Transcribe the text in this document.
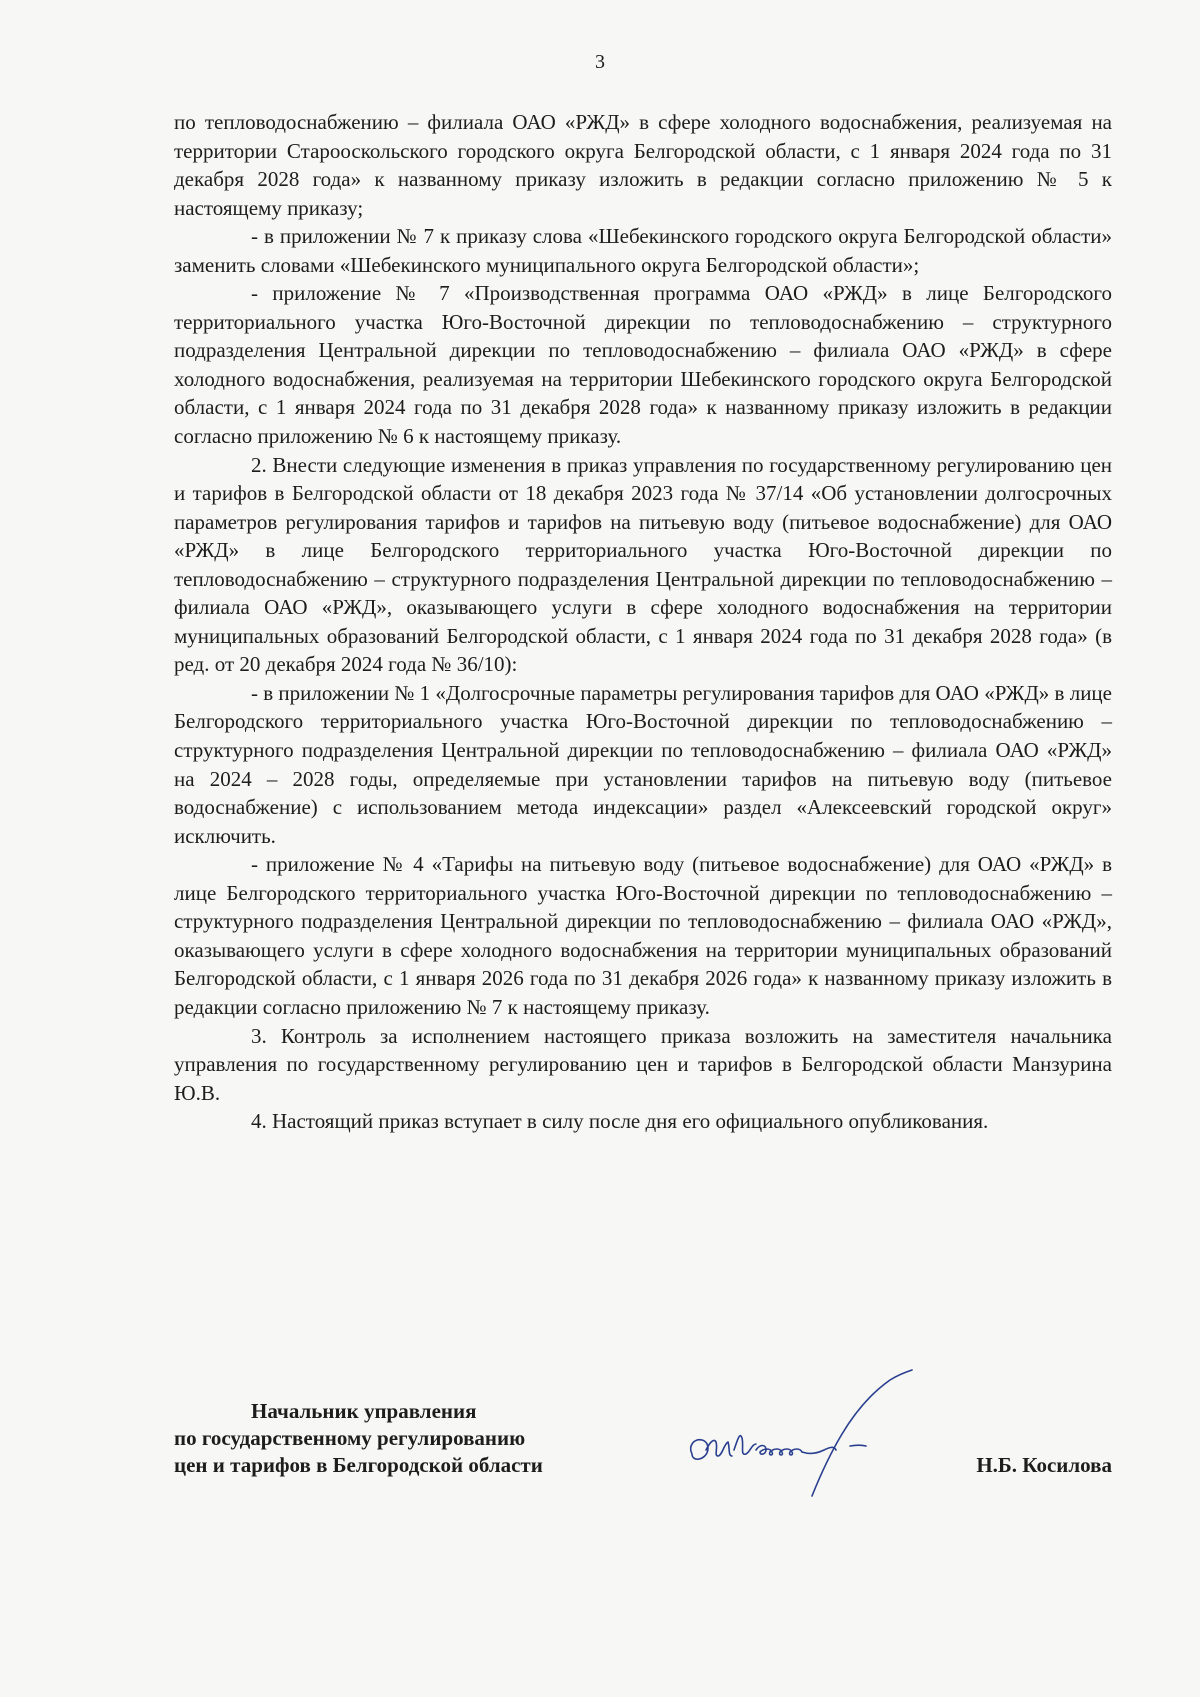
3

по тепловодоснабжению – филиала ОАО «РЖД» в сфере холодного водоснабжения, реализуемая на территории Старооскольского городского округа Белгородской области, с 1 января 2024 года по 31 декабря 2028 года» к названному приказу изложить в редакции согласно приложению № 5 к настоящему приказу;

- в приложении № 7 к приказу слова «Шебекинского городского округа Белгородской области» заменить словами «Шебекинского муниципального округа Белгородской области»;

- приложение № 7 «Производственная программа ОАО «РЖД» в лице Белгородского территориального участка Юго-Восточной дирекции по тепловодоснабжению – структурного подразделения Центральной дирекции по тепловодоснабжению – филиала ОАО «РЖД» в сфере холодного водоснабжения, реализуемая на территории Шебекинского городского округа Белгородской области, с 1 января 2024 года по 31 декабря 2028 года» к названному приказу изложить в редакции согласно приложению № 6 к настоящему приказу.

2. Внести следующие изменения в приказ управления по государственному регулированию цен и тарифов в Белгородской области от 18 декабря 2023 года № 37/14 «Об установлении долгосрочных параметров регулирования тарифов и тарифов на питьевую воду (питьевое водоснабжение) для ОАО «РЖД» в лице Белгородского территориального участка Юго-Восточной дирекции по тепловодоснабжению – структурного подразделения Центральной дирекции по тепловодоснабжению – филиала ОАО «РЖД», оказывающего услуги в сфере холодного водоснабжения на территории муниципальных образований Белгородской области, с 1 января 2024 года по 31 декабря 2028 года» (в ред. от 20 декабря 2024 года № 36/10):

- в приложении № 1 «Долгосрочные параметры регулирования тарифов для ОАО «РЖД» в лице Белгородского территориального участка Юго-Восточной дирекции по тепловодоснабжению – структурного подразделения Центральной дирекции по тепловодоснабжению – филиала ОАО «РЖД» на 2024 – 2028 годы, определяемые при установлении тарифов на питьевую воду (питьевое водоснабжение) с использованием метода индексации» раздел «Алексеевский городской округ» исключить.

- приложение № 4 «Тарифы на питьевую воду (питьевое водоснабжение) для ОАО «РЖД» в лице Белгородского территориального участка Юго-Восточной дирекции по тепловодоснабжению – структурного подразделения Центральной дирекции по тепловодоснабжению – филиала ОАО «РЖД», оказывающего услуги в сфере холодного водоснабжения на территории муниципальных образований Белгородской области, с 1 января 2026 года по 31 декабря 2026 года» к названному приказу изложить в редакции согласно приложению № 7 к настоящему приказу.

3. Контроль за исполнением настоящего приказа возложить на заместителя начальника управления по государственному регулированию цен и тарифов в Белгородской области Манзурина Ю.В.

4. Настоящий приказ вступает в силу после дня его официального опубликования.

Начальник управления
по государственному регулированию
цен и тарифов в Белгородской области
Ошкоеееед
Н.Б. Косилова
